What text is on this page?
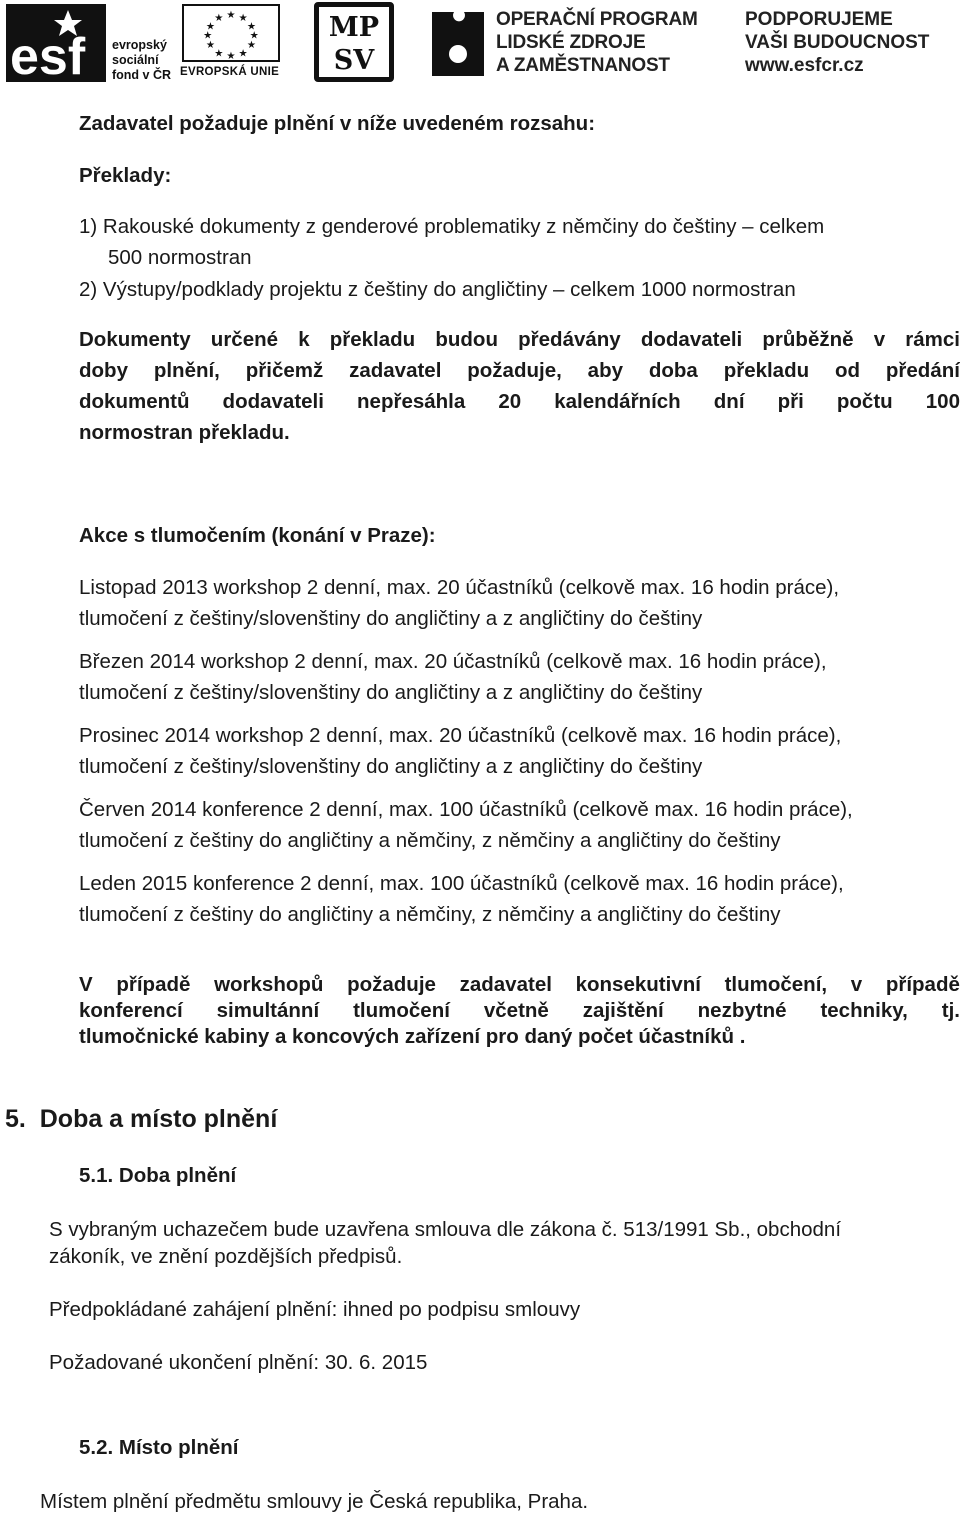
esf evropský
sociální
fond v ČR
★ ★
★
★
★
★
★
★
★
★
★
★
EVROPSKÁ UNIE
MP
SV
OPERAČNÍ PROGRAM
LIDSKÉ ZDROJE
A ZAMĚSTNANOST
PODPORUJEME
VAŠI BUDOUCNOST
www.esfcr.cz

Zadavatel požaduje plnění v níže uvedeném rozsahu:

Překlady:

1) Rakouské dokumenty z genderové problematiky z němčiny do češtiny – celkem

500 normostran

2) Výstupy/podklady projektu z češtiny do angličtiny – celkem 1000 normostran

Dokumenty určené k překladu budou předávány dodavateli průběžně v rámci

doby plnění, přičemž zadavatel požaduje, aby doba překladu od předání

dokumentů dodavateli nepřesáhla 20 kalendářních dní při počtu 100

normostran překladu.

Akce s tlumočením (konání v Praze):

Listopad 2013 workshop 2 denní, max. 20 účastníků (celkově max. 16 hodin práce),

tlumočení z češtiny/slovenštiny do angličtiny a z angličtiny do češtiny

Březen 2014 workshop 2 denní, max. 20 účastníků (celkově max. 16 hodin práce),

tlumočení z češtiny/slovenštiny do angličtiny a z angličtiny do češtiny

Prosinec 2014 workshop 2 denní, max. 20 účastníků (celkově max. 16 hodin práce),

tlumočení z češtiny/slovenštiny do angličtiny a z angličtiny do češtiny

Červen 2014 konference 2 denní, max. 100 účastníků (celkově max. 16 hodin práce),

tlumočení z češtiny do angličtiny a němčiny, z němčiny a angličtiny do češtiny

Leden 2015 konference 2 denní, max. 100 účastníků (celkově max. 16 hodin práce),

tlumočení z češtiny do angličtiny a němčiny, z němčiny a angličtiny do češtiny

V případě workshopů požaduje zadavatel konsekutivní tlumočení, v případě

konferencí simultánní tlumočení včetně zajištění nezbytné techniky, tj.

tlumočnické kabiny a koncových zařízení pro daný počet účastníků .

5.  Doba a místo plnění

5.1. Doba plnění

S vybraným uchazečem bude uzavřena smlouva dle zákona č. 513/1991 Sb., obchodní

zákoník, ve znění pozdějších předpisů.

Předpokládané zahájení plnění: ihned po podpisu smlouvy

Požadované ukončení plnění: 30. 6. 2015

5.2. Místo plnění

Místem plnění předmětu smlouvy je Česká republika, Praha.
